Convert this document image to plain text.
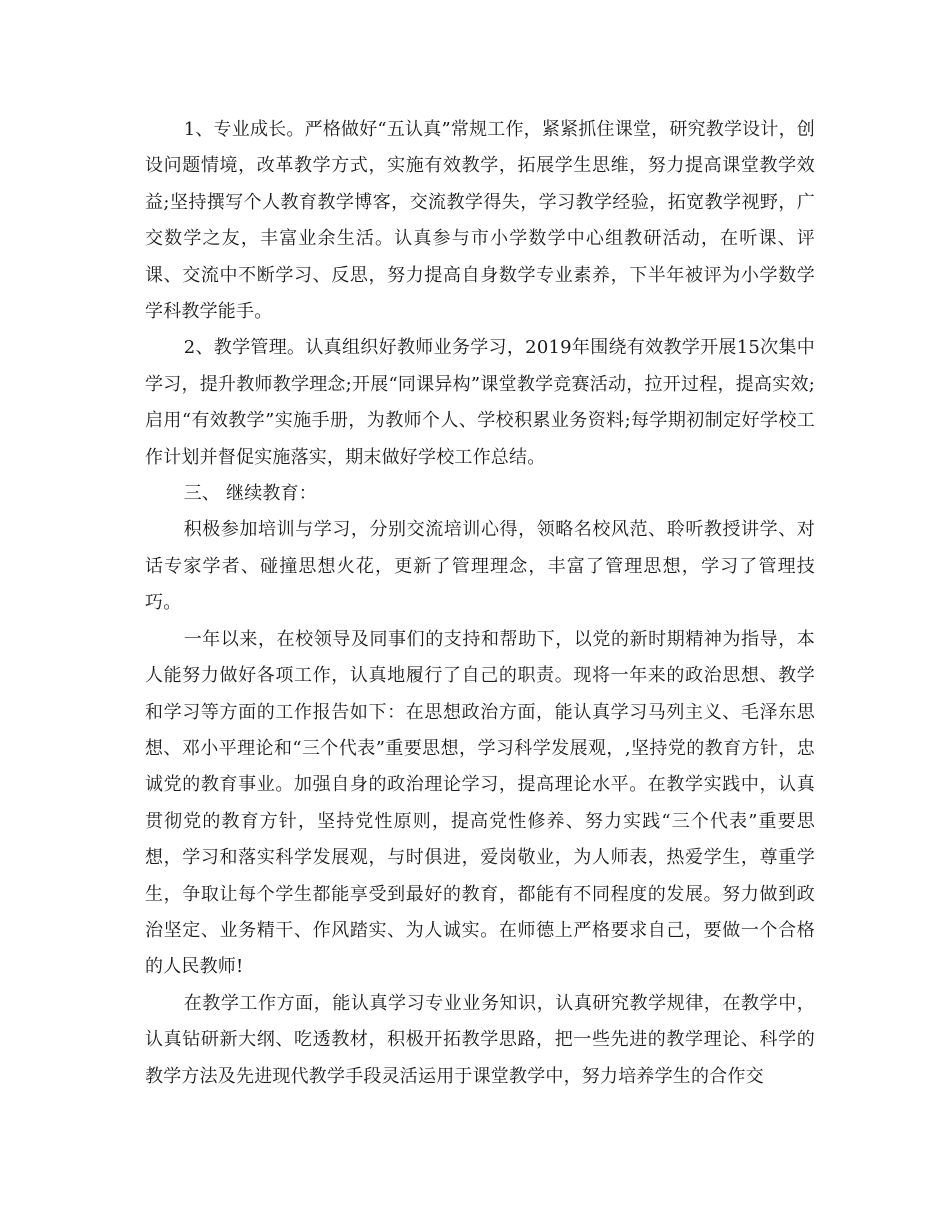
1、专业成长。严格做好“五认真”常规工作，紧紧抓住课堂，研究教学设计，创设问题情境，改革教学方式，实施有效教学，拓展学生思维，努力提高课堂教学效益;坚持撰写个人教育教学博客，交流教学得失，学习教学经验，拓宽教学视野，广交数学之友，丰富业余生活。认真参与市小学数学中心组教研活动，在听课、评课、交流中不断学习、反思，努力提高自身数学专业素养，下半年被评为小学数学学科教学能手。

2、教学管理。认真组织好教师业务学习，2019年围绕有效教学开展15次集中学习，提升教师教学理念;开展“同课异构”课堂教学竞赛活动，拉开过程，提高实效;启用“有效教学”实施手册，为教师个人、学校积累业务资料;每学期初制定好学校工作计划并督促实施落实，期末做好学校工作总结。

三、 继续教育：

积极参加培训与学习，分别交流培训心得，领略名校风范、聆听教授讲学、对话专家学者、碰撞思想火花，更新了管理理念，丰富了管理思想，学习了管理技巧。

一年以来，在校领导及同事们的支持和帮助下，以党的新时期精神为指导，本人能努力做好各项工作，认真地履行了自己的职责。现将一年来的政治思想、教学和学习等方面的工作报告如下：在思想政治方面，能认真学习马列主义、毛泽东思想、邓小平理论和“三个代表”重要思想，学习科学发展观，,坚持党的教育方针，忠诚党的教育事业。加强自身的政治理论学习，提高理论水平。在教学实践中，认真贯彻党的教育方针，坚持党性原则，提高党性修养、努力实践“三个代表”重要思想，学习和落实科学发展观，与时俱进，爱岗敬业，为人师表，热爱学生，尊重学生，争取让每个学生都能享受到最好的教育，都能有不同程度的发展。努力做到政治坚定、业务精干、作风踏实、为人诚实。在师德上严格要求自己，要做一个合格的人民教师!

在教学工作方面，能认真学习专业业务知识，认真研究教学规律，在教学中，认真钻研新大纲、吃透教材，积极开拓教学思路，把一些先进的教学理论、科学的教学方法及先进现代教学手段灵活运用于课堂教学中，努力培养学生的合作交
